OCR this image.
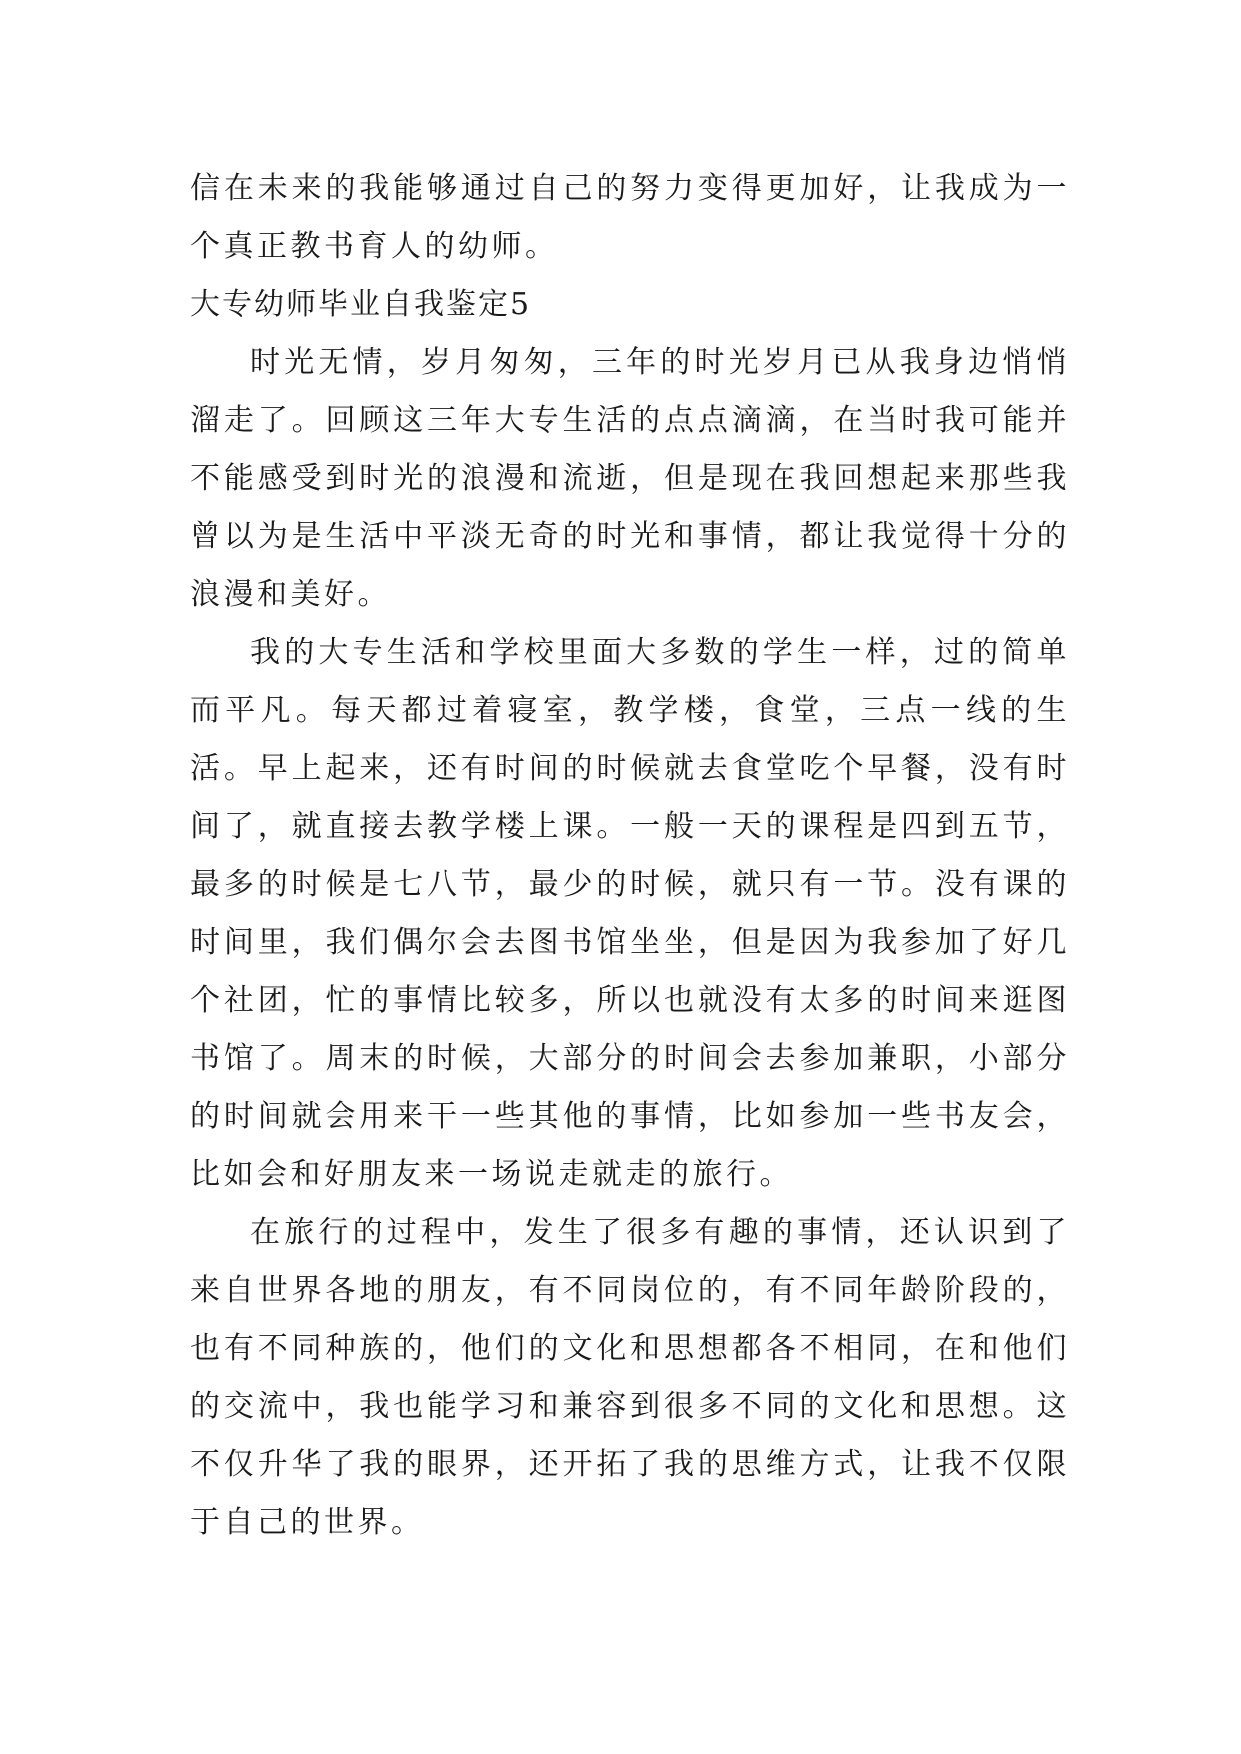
信在未来的我能够通过自己的努力变得更加好，让我成为一个真正教书育人的幼师。

大专幼师毕业自我鉴定5

时光无情，岁月匆匆，三年的时光岁月已从我身边悄悄溜走了。回顾这三年大专生活的点点滴滴，在当时我可能并不能感受到时光的浪漫和流逝，但是现在我回想起来那些我曾以为是生活中平淡无奇的时光和事情，都让我觉得十分的浪漫和美好。

我的大专生活和学校里面大多数的学生一样，过的简单而平凡。每天都过着寝室，教学楼，食堂，三点一线的生活。早上起来，还有时间的时候就去食堂吃个早餐，没有时间了，就直接去教学楼上课。一般一天的课程是四到五节，最多的时候是七八节，最少的时候，就只有一节。没有课的时间里，我们偶尔会去图书馆坐坐，但是因为我参加了好几个社团，忙的事情比较多，所以也就没有太多的时间来逛图书馆了。周末的时候，大部分的时间会去参加兼职，小部分的时间就会用来干一些其他的事情，比如参加一些书友会，比如会和好朋友来一场说走就走的旅行。

在旅行的过程中，发生了很多有趣的事情，还认识到了来自世界各地的朋友，有不同岗位的，有不同年龄阶段的，也有不同种族的，他们的文化和思想都各不相同，在和他们的交流中，我也能学习和兼容到很多不同的文化和思想。这不仅升华了我的眼界，还开拓了我的思维方式，让我不仅限于自己的世界。
